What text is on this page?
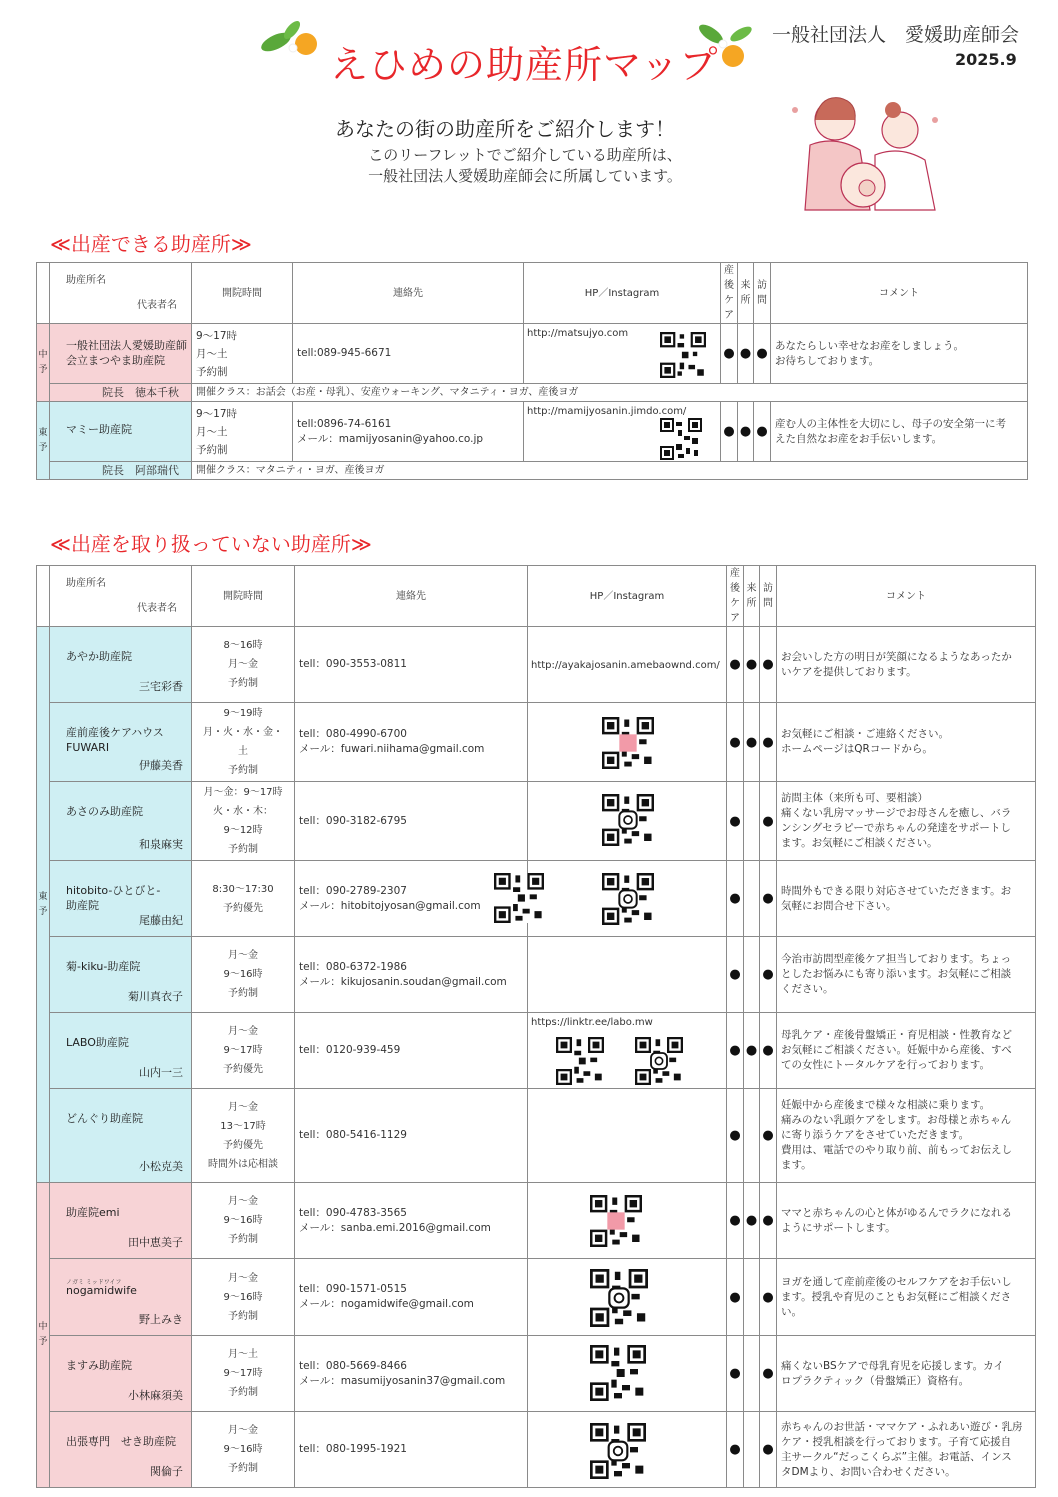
えひめの助産所マップ
一般社団法人　愛媛助産師会
2025.9
あなたの街の助産所をご紹介します！
このリーフレットでご紹介している助産所は、
一般社団法人愛媛助産師会に所属しています。
≪出産できる助産所≫

	助産所名
代表者名	開院時間	連絡先	HP／Instagram	産
後
ケ
ア	来
所	訪
問	コメント
中
予	一般社団法人愛媛助産師
会立まつやま助産院	9～17時
月～土
予約制	tell:089-945-6671	http://matsujyo.com	●	●	●	あなたらしい幸せなお産をしましょう。
お待ちしております。
	院長　徳本千秋	開催クラス：お話会（お産・母乳）、安産ウォーキング、マタニティ・ヨガ、産後ヨガ						
東
予	マミー助産院	9～17時
月～土
予約制	tell:0896-74-6161
メール：mamijyosanin@yahoo.co.jp	http://mamijyosanin.jimdo.com/	●	●	●	産む人の主体性を大切にし、母子の安全第一に考
えた自然なお産をお手伝いします。
	院長　阿部瑞代	開催クラス：マタニティ・ヨガ、産後ヨガ						
≪出産を取り扱っていない助産所≫

	助産所名
代表者名	開院時間	連絡先	HP／Instagram	産
後
ケ
ア	来
所	訪
問	コメント
東
予	あやか助産院
三宅彩香	8～16時
月～金
予約制	tell：090-3553-0811	http://ayakajosanin.amebaownd.com/	●	●	●	お会いした方の明日が笑顔になるようなあったか
いケアを提供しております。

	産前産後ケアハウス
FUWARI
伊藤美香	9～19時
月・火・水・金・
土
予約制	tell：080-4990-6700
メール：fuwari.niihama@gmail.com		●	●	●	お気軽にご相談・ご連絡ください。
ホームページはQRコードから。

	あさのみ助産院
和泉麻実	月～金：9～17時
火・水・木：
9～12時
予約制	tell：090-3182-6795		●		●	訪問主体（来所も可、要相談）
痛くない乳房マッサージでお母さんを癒し、バラ
ンシングセラピーで赤ちゃんの発達をサポートし
ます。お気軽にご相談ください。

	hitobito-ひとびと-
助産院
尾藤由紀	8:30～17:30
予約優先	tell：090-2789-2307
メール：hitobitojyosan@gmail.com		●		●	時間外もできる限り対応させていただきます。お
気軽にお問合せ下さい。

	菊-kiku-助産院
菊川真衣子	月～金
9～16時
予約制	tell：080-6372-1986
メール：kikujosanin.soudan@gmail.com		●		●	今治市訪問型産後ケア担当しております。ちょっ
としたお悩みにも寄り添います。お気軽にご相談
ください。

	LABO助産院
山内一三	月～金
9～17時
予約優先	tell：0120-939-459	https://linktr.ee/labo.mw	●	●	●	母乳ケア・産後骨盤矯正・育児相談・性教育など
お気軽にご相談ください。妊娠中から産後、すべ
ての女性にトータルケアを行っております。

	どんぐり助産院
小松克美	月～金
13～17時
予約優先
時間外は応相談	tell：080-5416-1129		●		●	妊娠中から産後まで様々な相談に乗ります。
痛みのない乳頭ケアをします。お母様と赤ちゃん
に寄り添うケアをさせていただきます。
費用は、電話でのやり取り前、前もってお伝えし
ます。
中
予	助産院emi
田中恵美子	月～金
9～16時
予約制	tell：090-4783-3565
メール：sanba.emi.2016@gmail.com		●	●	●	ママと赤ちゃんの心と体がゆるんでラクになれる
ようにサポートします。

	ノガミ ミッドワイフ
nogamidwife
野上みき	月～金
9～16時
予約制	tell：090-1571-0515
メール：nogamidwife@gmail.com		●		●	ヨガを通して産前産後のセルフケアをお手伝いし
ます。授乳や育児のこともお気軽にご相談くださ
い。

	ますみ助産院
小林麻須美	月～土
9～17時
予約制	tell：080-5669-8466
メール：masumijyosanin37@gmail.com		●		●	痛くないBSケアで母乳育児を応援します。カイ
ロプラクティック（骨盤矯正）資格有。

	出張専門　せき助産院
関倫子	月～金
9～16時
予約制	tell：080-1995-1921		●		●	赤ちゃんのお世話・ママケア・ふれあい遊び・乳房
ケア・授乳相談を行っております。子育て応援自
主サークル“だっこくらぶ”主催。お電話、インス
タDMより、お問い合わせください。
